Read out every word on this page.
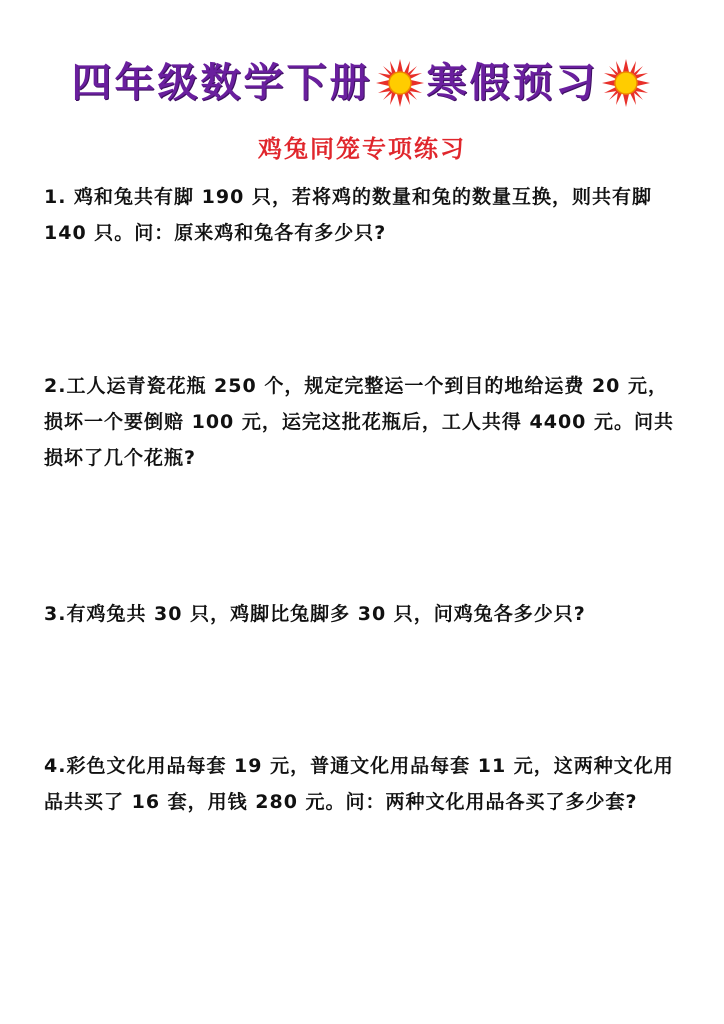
四年级数学下册 寒假预习
鸡兔同笼专项练习
1. 鸡和兔共有脚 190 只，若将鸡的数量和兔的数量互换，则共有脚
140 只。问：原来鸡和兔各有多少只?
2.工人运青瓷花瓶 250 个，规定完整运一个到目的地给运费 20 元，
损坏一个要倒赔 100 元，运完这批花瓶后，工人共得 4400 元。问共
损坏了几个花瓶?
3.有鸡兔共 30 只，鸡脚比兔脚多 30 只，问鸡兔各多少只?
4.彩色文化用品每套 19 元，普通文化用品每套 11 元，这两种文化用
品共买了 16 套，用钱 280 元。问：两种文化用品各买了多少套?
